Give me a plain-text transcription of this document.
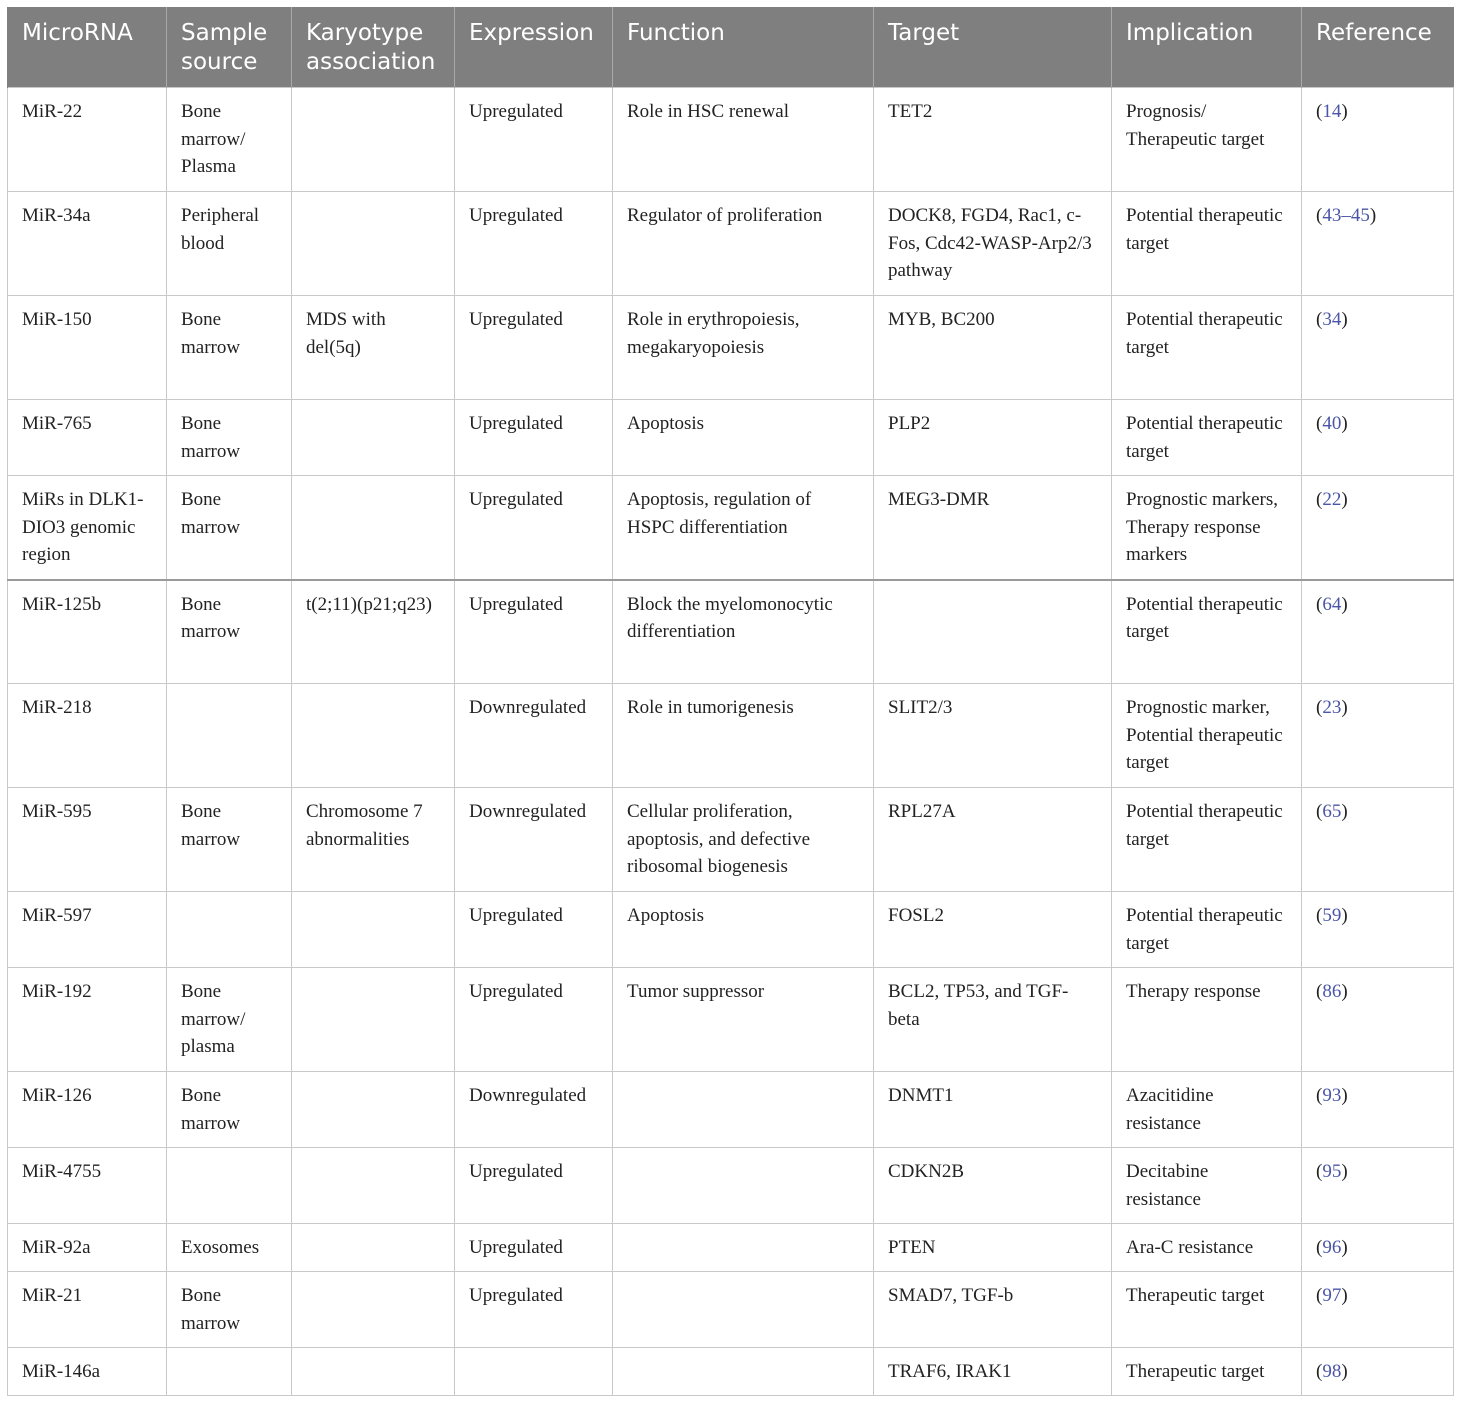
MicroRNA	Sample source	Karyotype association	Expression	Function	Target	Implication	Reference
MiR-22	Bone marrow/ Plasma		Upregulated	Role in HSC renewal	TET2	Prognosis/ Therapeutic target	(14)
MiR-34a	Peripheral blood		Upregulated	Regulator of proliferation	DOCK8, FGD4, Rac1, c-Fos, Cdc42-WASP-Arp2/3 pathway	Potential therapeutic target	(43–45)
MiR-150	Bone marrow	MDS with del(5q)	Upregulated	Role in erythropoiesis, megakaryopoiesis	MYB, BC200	Potential therapeutic target	(34)
MiR-765	Bone marrow		Upregulated	Apoptosis	PLP2	Potential therapeutic target	(40)
MiRs in DLK1-DIO3 genomic region	Bone marrow		Upregulated	Apoptosis, regulation of HSPC differentiation	MEG3-DMR	Prognostic markers, Therapy response markers	(22)
MiR-125b	Bone marrow	t(2;11)(p21;q23)	Upregulated	Block the myelomonocytic differentiation		Potential therapeutic target	(64)
MiR-218			Downregulated	Role in tumorigenesis	SLIT2/3	Prognostic marker, Potential therapeutic target	(23)
MiR-595	Bone marrow	Chromosome 7 abnormalities	Downregulated	Cellular proliferation, apoptosis, and defective ribosomal biogenesis	RPL27A	Potential therapeutic target	(65)
MiR-597			Upregulated	Apoptosis	FOSL2	Potential therapeutic target	(59)
MiR-192	Bone marrow/ plasma		Upregulated	Tumor suppressor	BCL2, TP53, and TGF-beta	Therapy response	(86)
MiR-126	Bone marrow		Downregulated		DNMT1	Azacitidine resistance	(93)
MiR-4755			Upregulated		CDKN2B	Decitabine resistance	(95)
MiR-92a	Exosomes		Upregulated		PTEN	Ara-C resistance	(96)
MiR-21	Bone marrow		Upregulated		SMAD7, TGF-b	Therapeutic target	(97)
MiR-146a					TRAF6, IRAK1	Therapeutic target	(98)
